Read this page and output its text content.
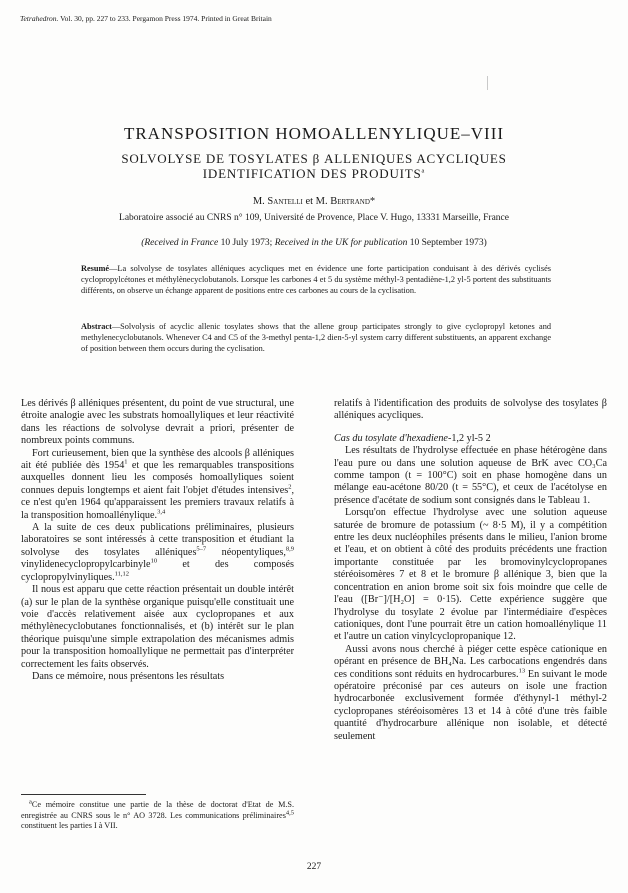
Tetrahedron. Vol. 30, pp. 227 to 233. Pergamon Press 1974. Printed in Great Britain
TRANSPOSITION HOMOALLENYLIQUE–VIII
SOLVOLYSE DE TOSYLATES β ALLENIQUES ACYCLIQUES
IDENTIFICATION DES PRODUITS$^a$
M. Santelli et M. Bertrand*
Laboratoire associé au CNRS n° 109, Université de Provence, Place V. Hugo, 13331 Marseille, France
(Received in France 10 July 1973; Received in the UK for publication 10 September 1973)
Resumé—La solvolyse de tosylates alléniques acycliques met en évidence une forte participation conduisant à des dérivés cyclisés cyclopropylcétones et méthylènecyclobutanols. Lorsque les carbones 4 et 5 du système méthyl-3 pentadiène-1,2 yl-5 portent des substituants différents, on observe un échange apparent de positions entre ces carbones au cours de la cyclisation.
Abstract—Solvolysis of acyclic allenic tosylates shows that the allene group participates strongly to give cyclopropyl ketones and methylenecyclobutanols. Whenever C4 and C5 of the 3-methyl penta-1,2 dien-5-yl system carry different substituents, an apparent exchange of position between them occurs during the cyclisation.

Les dérivés β alléniques présentent, du point de vue structural, une étroite analogie avec les substrats homoallyliques et leur réactivité dans les réactions de solvolyse devrait a priori, présenter de nombreux points communs.

Fort curieusement, bien que la synthèse des alcools β alléniques ait été publiée dès 1954$^1$ et que les remarquables transpositions auxquelles donnent lieu les composés homoallyliques soient connues depuis longtemps et aient fait l'objet d'études intensives$^2$, ce n'est qu'en 1964 qu'apparaissent les premiers travaux relatifs à la transposition homoallénylique.$^{3,4}$

A la suite de ces deux publications préliminaires, plusieurs laboratoires se sont intéressés à cette transposition et étudiant la solvolyse des tosylates alléniques$^{5-7}$ néopentyliques,$^{8,9}$ vinylidenecyclopropylcarbinyle$^{10}$ et des composés cyclopropylvinyliques.$^{11,12}$

Il nous est apparu que cette réaction présentait un double intérêt (a) sur le plan de la synthèse organique puisqu'elle constituait une voie d'accès relativement aisée aux cyclopropanes et aux méthylènecyclobutanes fonctionnalisés, et (b) intérêt sur le plan théorique puisqu'une simple extrapolation des mécanismes admis pour la transposition homoallylique ne permettait pas d'interpréter correctement les faits observés.

Dans ce mémoire, nous présentons les résultats

relatifs à l'identification des produits de solvolyse des tosylates β alléniques acycliques.

Cas du tosylate d'hexadiene-1,2 yl-5 2

Les résultats de l'hydrolyse effectuée en phase hétérogène dans l'eau pure ou dans une solution aqueuse de BrK avec CO₃Ca comme tampon (t = 100°C) soit en phase homogène dans un mélange eau-acétone 80/20 (t = 55°C), et ceux de l'acétolyse en présence d'acétate de sodium sont consignés dans le Tableau 1.

Lorsqu'on effectue l'hydrolyse avec une solution aqueuse saturée de bromure de potassium (~ 8·5 M), il y a compétition entre les deux nucléophiles présents dans le milieu, l'anion brome et l'eau, et on obtient à côté des produits précédents une fraction importante constituée par les bromovinylcyclopropanes stéréoisomères 7 et 8 et le bromure β allénique 3, bien que la concentration en anion brome soit six fois moindre que celle de l'eau ([Br⁻]/[H₂O] = 0·15). Cette expérience suggère que l'hydrolyse du tosylate 2 évolue par l'intermédiaire d'espèces cationiques, dont l'une pourrait être un cation homoallénylique 11 et l'autre un cation vinylcyclopropanique 12.

Aussi avons nous cherché à piéger cette espèce cationique en opérant en présence de BH₄Na. Les carbocations engendrés dans ces conditions sont réduits en hydrocarbures.$^{13}$ En suivant le mode opératoire préconisé par ces auteurs on isole une fraction hydrocarbonée exclusivement formée d'éthynyl-1 méthyl-2 cyclopropanes stéréoisomères 13 et 14 à côté d'une très faible quantité d'hydrocarbure allénique non isolable, et détecté seulement

$^a$Ce mémoire constitue une partie de la thèse de doctorat d'Etat de M.S. enregistrée au CNRS sous le n° AO 3728. Les communications préliminaires$^{4,5}$ constituent les parties I à VII.
227
